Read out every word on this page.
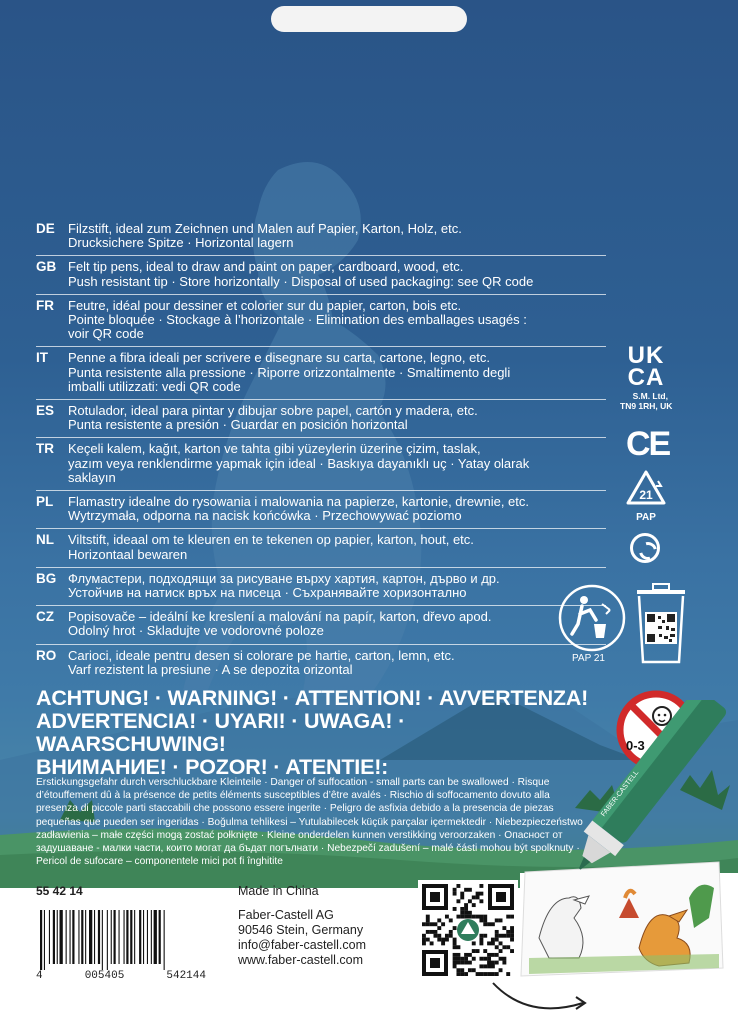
DE	Filzstift, ideal zum Zeichnen und Malen auf Papier, Karton, Holz, etc.
Drucksichere Spitze · Horizontal lagern
GB Felt tip pens, ideal to draw and paint on paper, cardboard, wood, etc.
Push resistant tip · Store horizontally · Disposal of used packaging: see QR code
FR	Feutre, idéal pour dessiner et colorier sur du papier, carton, bois etc.
Pointe bloquée · Stockage à l’horizontale · Elimination des emballages usagés :
voir QR code
IT	Penne a fibra ideali per scrivere e disegnare su carta, cartone, legno, etc.
Punta resistente alla pressione · Riporre orizzontalmente · Smaltimento degli
imballi utilizzati: vedi QR code
ES	Rotulador, ideal para pintar y dibujar sobre papel, cartón y madera, etc.
Punta resistente a presión · Guardar en posición horizontal
TR	Keçeli kalem, kağıt, karton ve tahta gibi yüzeylerin üzerine çizim, taslak,
yazım veya renklendirme yapmak için ideal · Baskıya dayanıklı uç · Yatay olarak
saklayın
PL	Flamastry idealne do rysowania i malowania na papierze, kartonie, drewnie, etc.
Wytrzymała, odporna na nacisk końcówka · Przechowywać poziomo
NL	Viltstift, ideaal om te kleuren en te tekenen op papier, karton, hout, etc.
Horizontaal bewaren
BG Флумастери, подходящи за рисуване върху хартия, картон, дърво и др.
Устойчив на натиск връх на писеца · Съхранявайте хоризонтално
CZ	Popisovače – ideální ke kreslení a malování na papír, karton, dřevo apod.
Odolný hrot · Skladujte ve vodorovné poloze
RO Carioci, ideale pentru desen si colorare pe hartie, carton, lemn, etc.
Varf rezistent la presiune · A se depozita orizontal
UK
CA
S.M. Ltd,
TN9 1RH, UK
CE
21
PAP
PAP 21
0-3
ACHTUNG! · WARNING! · ATTENTION! · AVVERTENZA!
ADVERTENCIA! · UYARI! · UWAGA! · WAARSCHUWING!
ВНИМАНИЕ! · POZOR! · ATENTIE!:
Erstickungsgefahr durch verschluckbare Kleinteile · Danger of suffocation - small parts can be swallowed · Risque d’étouffement dû à la présence de petits éléments susceptibles d’être avalés · Rischio di soffocamento dovuto alla presenza di piccole parti staccabili che possono essere ingerite · Peligro de asfixia debido a la presencia de piezas pequeñas que pueden ser ingeridas · Boğulma tehlikesi – Yutulabilecek küçük parçalar içermektedir · Niebezpieczeństwo zadławienia – małe części mogą zostać połknięte · Kleine onderdelen kunnen verstikking veroorzaken · Опасност от задушаване - малки части, които могат да бъдат погълнати · Nebezpečí zadušení – malé části mohou být spolknuty · Pericol de sufocare – componentele mici pot fi înghitite
55 42 14
4	005405	542144
Made in China
Faber-Castell AG
90546 Stein, Germany
info@faber-castell.com
www.faber-castell.com
FABER-CASTELL
